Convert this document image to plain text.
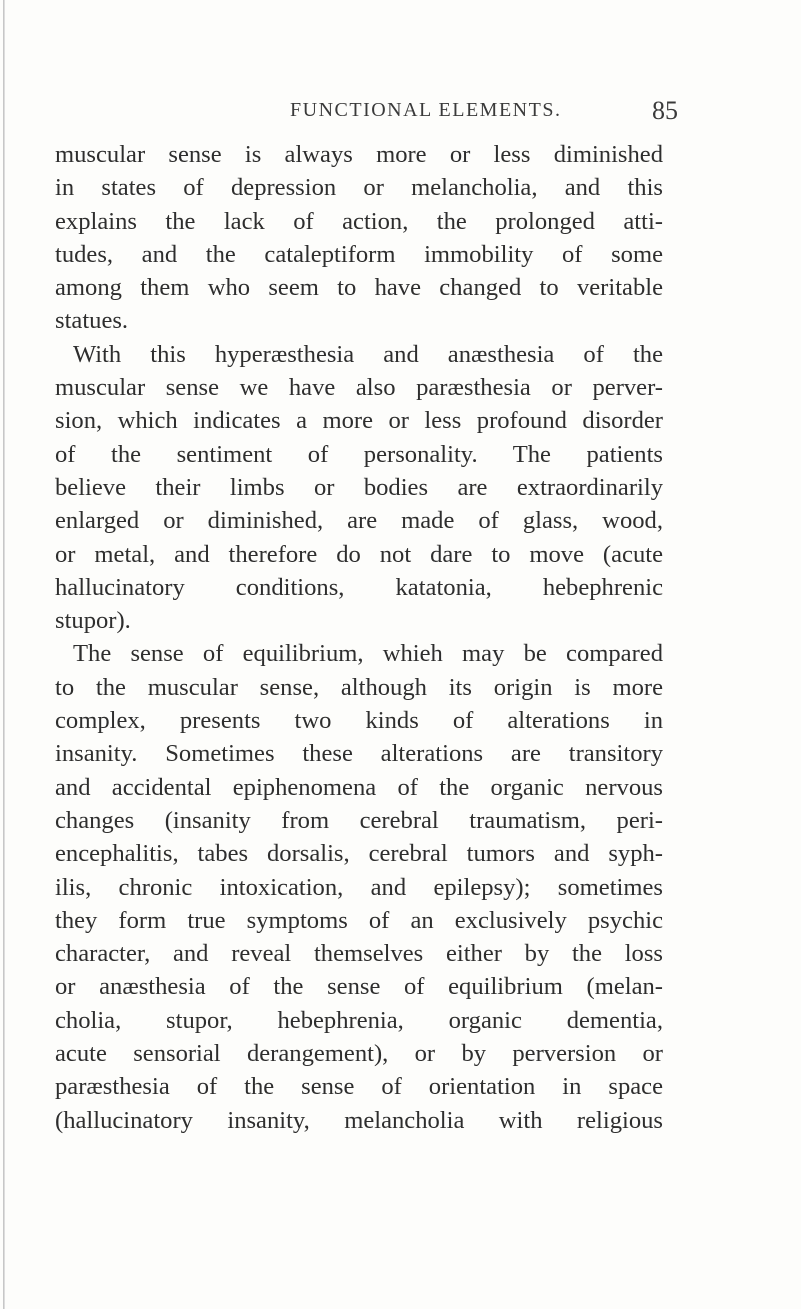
FUNCTIONAL ELEMENTS.	85
muscular sense is always more or less diminished
in states of depression or melancholia, and this
explains the lack of action, the prolonged atti-
tudes, and the cataleptiform immobility of some
among them who seem to have changed to veritable
statues.
With this hyperæsthesia and anæsthesia of the
muscular sense we have also paræsthesia or perver-
sion, which indicates a more or less profound disorder
of the sentiment of personality. The patients
believe their limbs or bodies are extraordinarily
enlarged or diminished, are made of glass, wood,
or metal, and therefore do not dare to move (acute
hallucinatory conditions, katatonia, hebephrenic
stupor).
The sense of equilibrium, whieh may be compared
to the muscular sense, although its origin is more
complex, presents two kinds of alterations in
insanity. Sometimes these alterations are transitory
and accidental epiphenomena of the organic nervous
changes (insanity from cerebral traumatism, peri-
encephalitis, tabes dorsalis, cerebral tumors and syph-
ilis, chronic intoxication, and epilepsy); sometimes
they form true symptoms of an exclusively psychic
character, and reveal themselves either by the loss
or anæsthesia of the sense of equilibrium (melan-
cholia, stupor, hebephrenia, organic dementia,
acute sensorial derangement), or by perversion or
paræsthesia of the sense of orientation in space
(hallucinatory insanity, melancholia with religious
